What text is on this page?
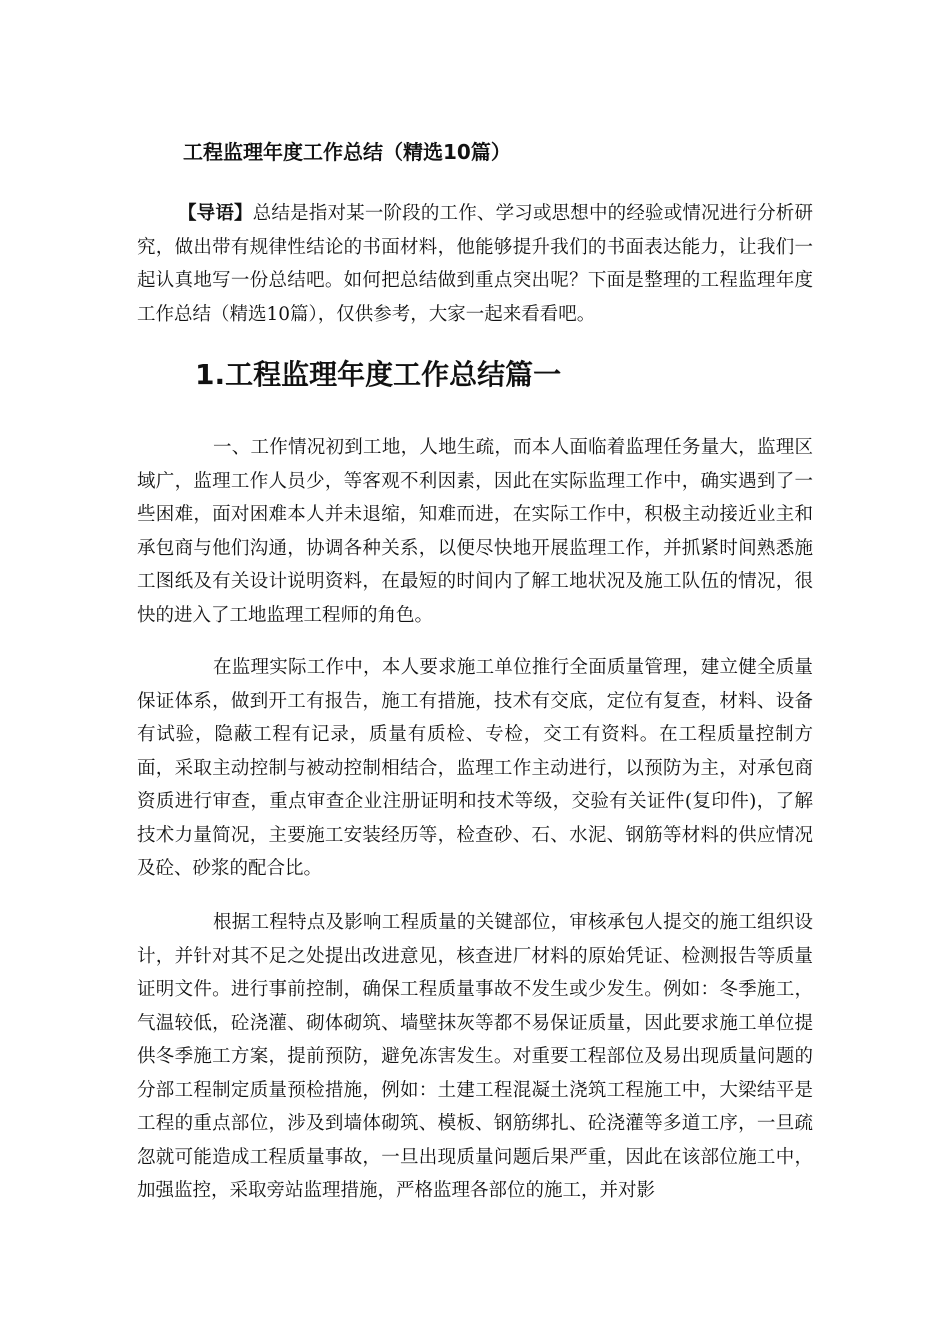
工程监理年度工作总结（精选10篇）

【导语】总结是指对某一阶段的工作、学习或思想中的经验或情况进行分析研究，做出带有规律性结论的书面材料，他能够提升我们的书面表达能力，让我们一起认真地写一份总结吧。如何把总结做到重点突出呢？下面是整理的工程监理年度工作总结（精选10篇），仅供参考，大家一起来看看吧。

1.工程监理年度工作总结篇一

一、工作情况初到工地，人地生疏，而本人面临着监理任务量大，监理区域广，监理工作人员少，等客观不利因素，因此在实际监理工作中，确实遇到了一些困难，面对困难本人并未退缩，知难而进，在实际工作中，积极主动接近业主和承包商与他们沟通，协调各种关系，以便尽快地开展监理工作，并抓紧时间熟悉施工图纸及有关设计说明资料，在最短的时间内了解工地状况及施工队伍的情况，很快的进入了工地监理工程师的角色。

在监理实际工作中，本人要求施工单位推行全面质量管理，建立健全质量保证体系，做到开工有报告，施工有措施，技术有交底，定位有复查，材料、设备有试验，隐蔽工程有记录，质量有质检、专检，交工有资料。在工程质量控制方面，采取主动控制与被动控制相结合，监理工作主动进行，以预防为主，对承包商资质进行审查，重点审查企业注册证明和技术等级，交验有关证件(复印件)，了解技术力量简况，主要施工安装经历等，检查砂、石、水泥、钢筋等材料的供应情况及砼、砂浆的配合比。

根据工程特点及影响工程质量的关键部位，审核承包人提交的施工组织设计，并针对其不足之处提出改进意见，核查进厂材料的原始凭证、检测报告等质量证明文件。进行事前控制，确保工程质量事故不发生或少发生。例如：冬季施工，气温较低，砼浇灌、砌体砌筑、墙壁抹灰等都不易保证质量，因此要求施工单位提供冬季施工方案，提前预防，避免冻害发生。对重要工程部位及易出现质量问题的分部工程制定质量预检措施，例如：土建工程混凝土浇筑工程施工中，大梁结平是工程的重点部位，涉及到墙体砌筑、模板、钢筋绑扎、砼浇灌等多道工序，一旦疏忽就可能造成工程质量事故，一旦出现质量问题后果严重，因此在该部位施工中，加强监控，采取旁站监理措施，严格监理各部位的施工，并对影
